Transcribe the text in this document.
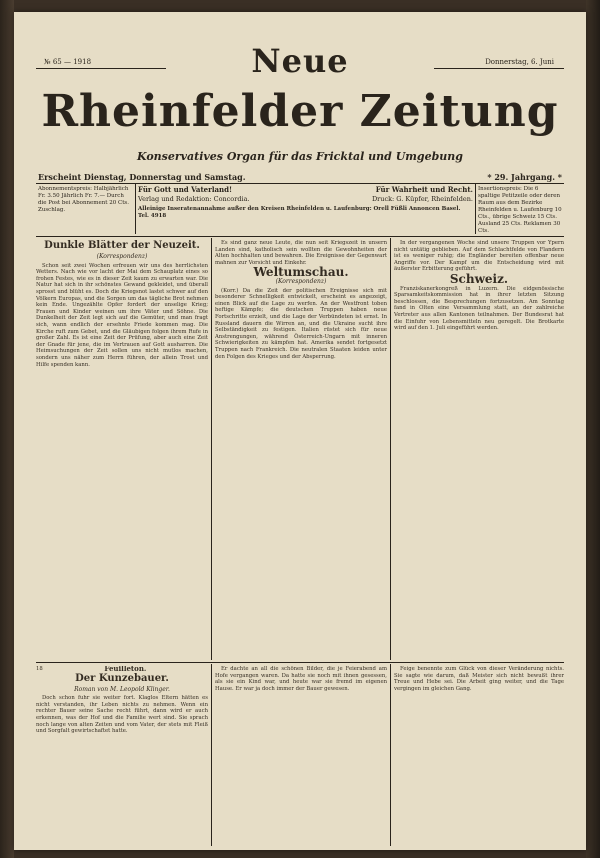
№ 65 — 1918	Donnerstag, 6. Juni
Neue
Rheinfelder Zeitung
Konservatives Organ für das Fricktal und Umgebung
Erscheint Dienstag, Donnerstag und Samstag.	* 29. Jahrgang. *
Abonnementspreis: Halbjährlich Fr. 3.50 Jährlich Fr. 7.— Durch die Post bei Abonnement 20 Cts. Zuschlag.
Für Gott und Vaterland!	Für Wahrheit und Recht.
Verlag und Redaktion: Concordia.	Druck: G. Küpfer, Rheinfelden.
Alleinige Inseratenannahme außer den Kreisen Rheinfelden u. Laufenburg: Orell Füßli Annoncen Basel. Tel. 4918
Insertionspreis: Die 6 spaltige Petitzeile oder deren Raum aus dem Bezirke Rheinfelden u. Laufenburg 10 Cts., übrige Schweiz 15 Cts. Ausland 25 Cts. Reklamen 30 Cts.
Dunkle Blätter der Neuzeit.
(Korrespondenz)

Schon seit zwei Wochen erfreuen wir uns des herrlichsten Wetters. Nach wie vor lacht der Mai dem Schauplatz eines so frohen Festes, wie es in dieser Zeit kaum zu erwarten war. Die Natur hat sich in ihr schönstes Gewand gekleidet, und überall sprosst und blüht es. Doch die Kriegsnot lastet schwer auf den Völkern Europas, und die Sorgen um das tägliche Brot nehmen kein Ende. Ungezählte Opfer fordert der unselige Krieg; Frauen und Kinder weinen um ihre Väter und Söhne. Die Dunkelheit der Zeit legt sich auf die Gemüter, und man fragt sich, wann endlich der ersehnte Friede kommen mag. Die Kirche ruft zum Gebet, und die Gläubigen folgen ihrem Rufe in großer Zahl. Es ist eine Zeit der Prüfung, aber auch eine Zeit der Gnade für jene, die im Vertrauen auf Gott ausharren. Die Heimsuchungen der Zeit sollen uns nicht mutlos machen, sondern uns näher zum Herrn führen, der allein Trost und Hilfe spenden kann.

Es sind ganz neue Leute, die nun seit Kriegszeit in unsern Landen sind, katholisch sein wollten die Gewohnheiten der Alten hochhalten und bewahren. Die Ereignisse der Gegenwart mahnen zur Vorsicht und Einkehr.

Weltumschau.
(Korrespondenz)

(Korr.) Da die Zeit der politischen Ereignisse sich mit besonderer Schnelligkeit entwickelt, erscheint es angezeigt, einen Blick auf die Lage zu werfen. An der Westfront toben heftige Kämpfe; die deutschen Truppen haben neue Fortschritte erzielt, und die Lage der Verbündeten ist ernst. In Russland dauern die Wirren an, und die Ukraine sucht ihre Selbständigkeit zu festigen. Italien rüstet sich für neue Anstrengungen, während Österreich-Ungarn mit inneren Schwierigkeiten zu kämpfen hat. Amerika sendet fortgesetzt Truppen nach Frankreich. Die neutralen Staaten leiden unter den Folgen des Krieges und der Absperrung.

In der vergangenen Woche sind unsere Truppen vor Ypern nicht untätig geblieben. Auf dem Schlachtfelde von Flandern ist es weniger ruhig; die Engländer bereiten offenbar neue Angriffe vor. Der Kampf um die Entscheidung wird mit äußerster Erbitterung geführt.

Schweiz.

Franziskanerkongreß in Luzern. Die eidgenössische Sparsamkeitskommission hat in ihrer letzten Sitzung beschlossen, die Besprechungen fortzusetzen. Am Sonntag fand in Olten eine Versammlung statt, an der zahlreiche Vertreter aus allen Kantonen teilnahmen. Der Bundesrat hat die Einfuhr von Lebensmitteln neu geregelt. Die Brotkarte wird auf den 1. Juli eingeführt werden.

18	Feuilleton.
Der Kunzebauer.
Roman von M. Leopold Klinger.

Doch schon fuhr sie weiter fort. Klaglos Eltern hätten es nicht verstanden, ihr Leben nichts zu nehmen. Wenn ein rechter Bauer seine Sache recht führt, dann wird er auch erkennen, was der Hof und die Familie wert sind. Sie sprach noch lange von alten Zeiten und vom Vater, der stets mit Fleiß und Sorgfalt gewirtschaftet hatte.

Er dachte an all die schönen Bilder, die je Feierabend am Hofe vergangen waren. Da hatte sie noch mit ihnen gesessen, als sie ein Kind war, und heute war sie fremd im eigenen Hause. Er war ja doch immer der Bauer gewesen.

Feige benennte zum Glück von dieser Veränderung nichts. Sie sagte wie darum, daß Meister sich nicht bewußt ihrer Treue und Hebe sei. Die Arbeit ging weiter, und die Tage vergingen im gleichen Gang.
